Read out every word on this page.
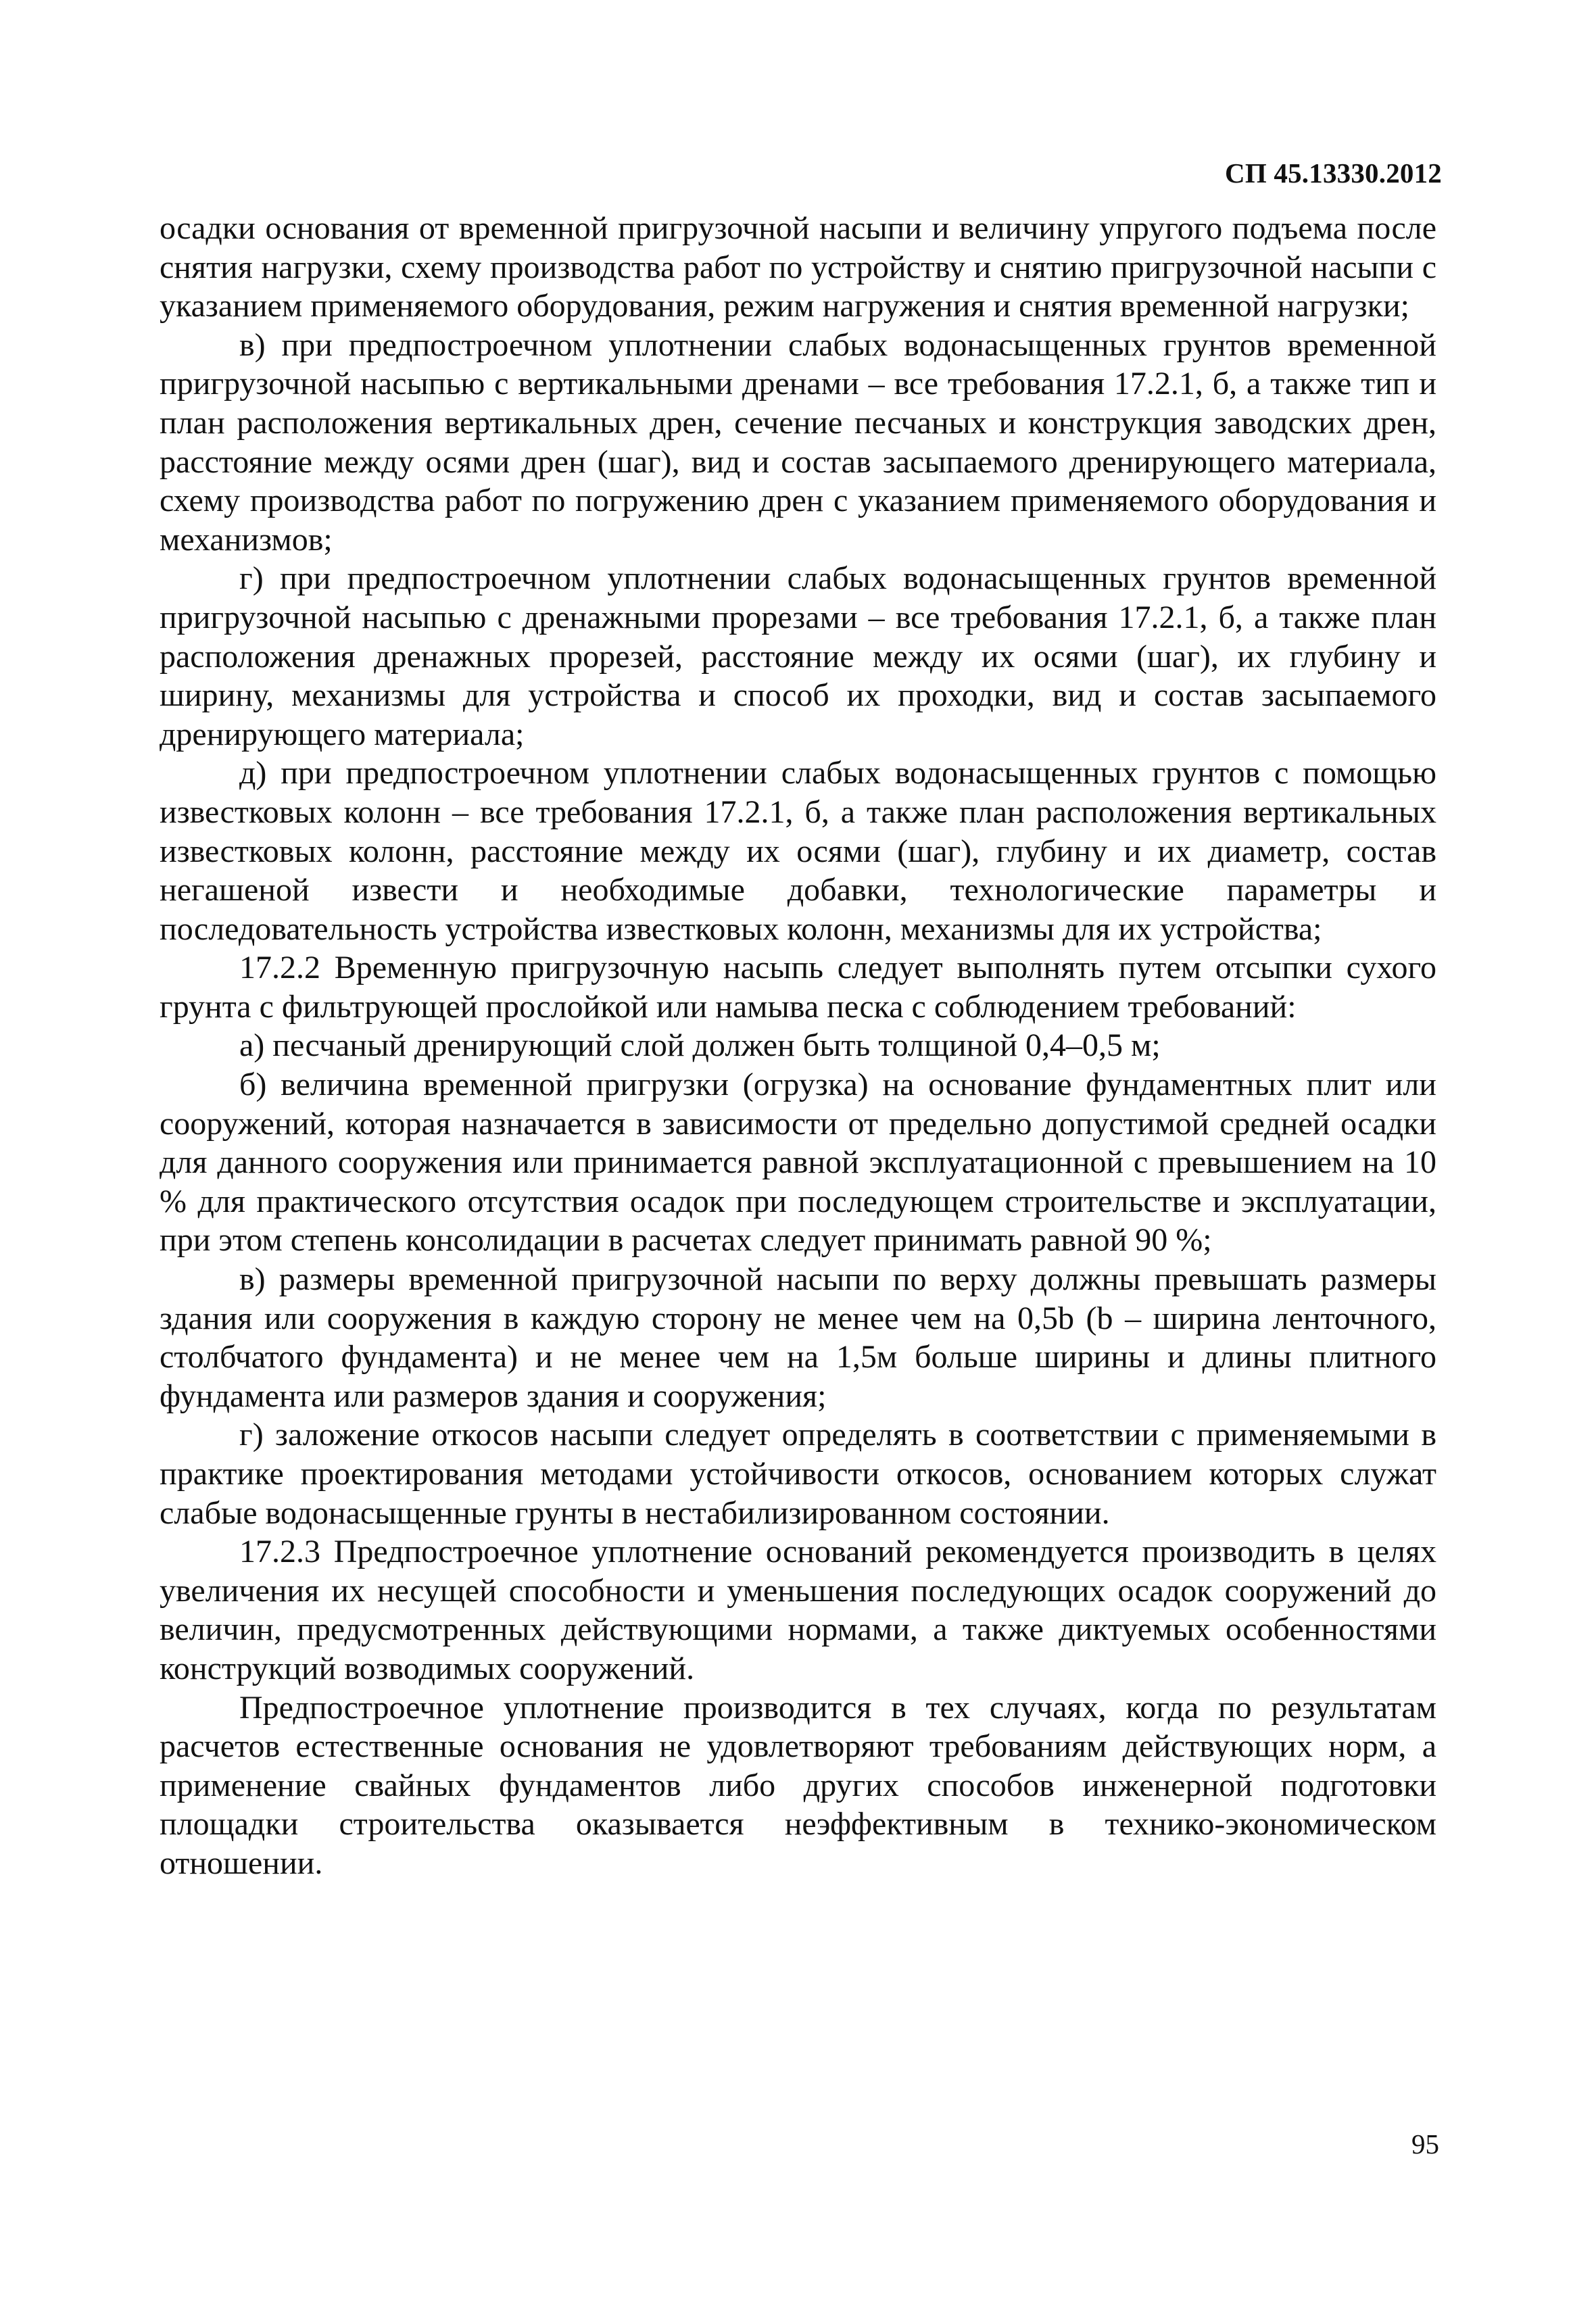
СП 45.13330.2012

осадки основания от временной пригрузочной насыпи и величину упругого подъема после снятия нагрузки, схему производства работ по устройству и снятию пригрузочной насыпи с указанием применяемого оборудования, режим нагружения и снятия временной нагрузки;

в) при предпостроечном уплотнении слабых водонасыщенных грунтов временной пригрузочной насыпью с вертикальными дренами – все требования 17.2.1, б, а также тип и план расположения вертикальных дрен, сечение песчаных и конструкция заводских дрен, расстояние между осями дрен (шаг), вид и состав засыпаемого дренирующего материала, схему производства работ по погружению дрен с указанием применяемого оборудования и механизмов;

г) при предпостроечном уплотнении слабых водонасыщенных грунтов временной пригрузочной насыпью с дренажными прорезами – все требования 17.2.1, б, а также план расположения дренажных прорезей, расстояние между их осями (шаг), их глубину и ширину, механизмы для устройства и способ их проходки, вид и состав засыпаемого дренирующего материала;

д) при предпостроечном уплотнении слабых водонасыщенных грунтов с помощью известковых колонн – все требования 17.2.1, б, а также план расположения вертикальных известковых колонн, расстояние между их осями (шаг), глубину и их диаметр, состав негашеной извести и необходимые добавки, технологические параметры и последовательность устройства известковых колонн, механизмы для их устройства;

17.2.2 Временную пригрузочную насыпь следует выполнять путем отсыпки сухого грунта с фильтрующей прослойкой или намыва песка с соблюдением требований:

а) песчаный дренирующий слой должен быть толщиной 0,4–0,5 м;

б) величина временной пригрузки (огрузка) на основание фундаментных плит или сооружений, которая назначается в зависимости от предельно допустимой средней осадки для данного сооружения или принимается равной эксплуатационной с превышением на 10 % для практического отсутствия осадок при последующем строительстве и эксплуатации, при этом степень консолидации в расчетах следует принимать равной 90 %;

в) размеры временной пригрузочной насыпи по верху должны превышать размеры здания или сооружения в каждую сторону не менее чем на 0,5b (b – ширина ленточного, столбчатого фундамента) и не менее чем на 1,5м больше ширины и длины плитного фундамента или размеров здания и сооружения;

г) заложение откосов насыпи следует определять в соответствии с применяемыми в практике проектирования методами устойчивости откосов, основанием которых служат слабые водонасыщенные грунты в нестабилизированном состоянии.

17.2.3 Предпостроечное уплотнение оснований рекомендуется производить в целях увеличения их несущей способности и уменьшения последующих осадок сооружений до величин, предусмотренных действующими нормами, а также диктуемых особенностями конструкций возводимых сооружений.

Предпостроечное уплотнение производится в тех случаях, когда по результатам расчетов естественные основания не удовлетворяют требованиям действующих норм, а применение свайных фундаментов либо других способов инженерной подготовки площадки строительства оказывается неэффективным в технико-экономическом отношении.

95
